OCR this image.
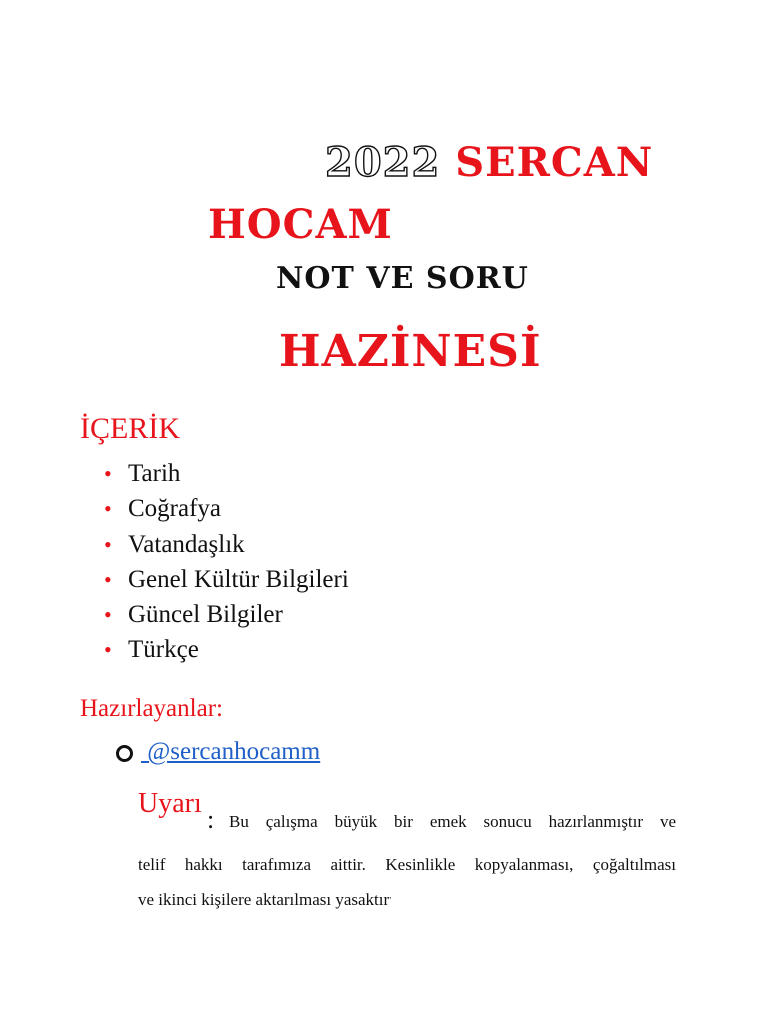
2022 SERCAN
HOCAM
NOT VE SORU
HAZİNESİ
İÇERİK
• Tarih
• Coğrafya
• Vatandaşlık
• Genel Kültür Bilgileri
• Güncel Bilgiler
• Türkçe
Hazırlayanlar:
@sercanhocamm
Uyarı
: Bu çalışma büyük bir emek sonucu hazırlanmıştır ve
telif hakkı tarafımıza aittir. Kesinlikle kopyalanması, çoğaltılması
ve ikinci kişilere aktarılması yasaktır.
